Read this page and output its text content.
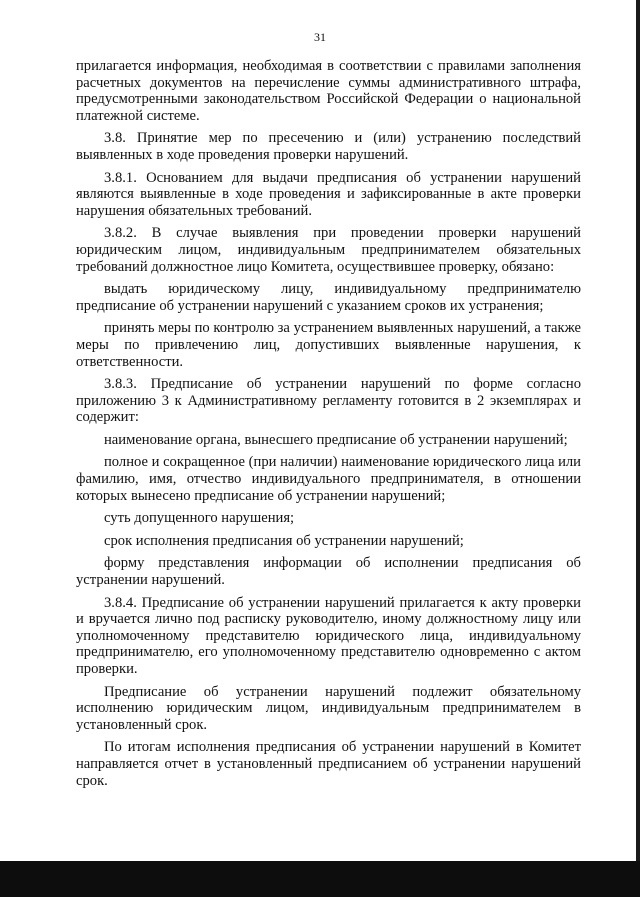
31

прилагается информация, необходимая в соответствии с правилами заполнения расчетных документов на перечисление суммы административного штрафа, предусмотренными законодательством Российской Федерации о национальной платежной системе.

3.8. Принятие мер по пресечению и (или) устранению последствий выявленных в ходе проведения проверки нарушений.

3.8.1. Основанием для выдачи предписания об устранении нарушений являются выявленные в ходе проведения и зафиксированные в акте проверки нарушения обязательных требований.

3.8.2. В случае выявления при проведении проверки нарушений юридическим лицом, индивидуальным предпринимателем обязательных требований должностное лицо Комитета, осуществившее проверку, обязано:

выдать юридическому лицу, индивидуальному предпринимателю предписание об устранении нарушений с указанием сроков их устранения;

принять меры по контролю за устранением выявленных нарушений, а также меры по привлечению лиц, допустивших выявленные нарушения, к ответственности.

3.8.3. Предписание об устранении нарушений по форме согласно приложению 3 к Административному регламенту готовится в 2 экземплярах и содержит:

наименование органа, вынесшего предписание об устранении нарушений;

полное и сокращенное (при наличии) наименование юридического лица или фамилию, имя, отчество индивидуального предпринимателя, в отношении которых вынесено предписание об устранении нарушений;

суть допущенного нарушения;

срок исполнения предписания об устранении нарушений;

форму представления информации об исполнении предписания об устранении нарушений.

3.8.4. Предписание об устранении нарушений прилагается к акту проверки и вручается лично под расписку руководителю, иному должностному лицу или уполномоченному представителю юридического лица, индивидуальному предпринимателю, его уполномоченному представителю одновременно с актом проверки.

Предписание об устранении нарушений подлежит обязательному исполнению юридическим лицом, индивидуальным предпринимателем в установленный срок.

По итогам исполнения предписания об устранении нарушений в Комитет направляется отчет в установленный предписанием об устранении нарушений срок.
